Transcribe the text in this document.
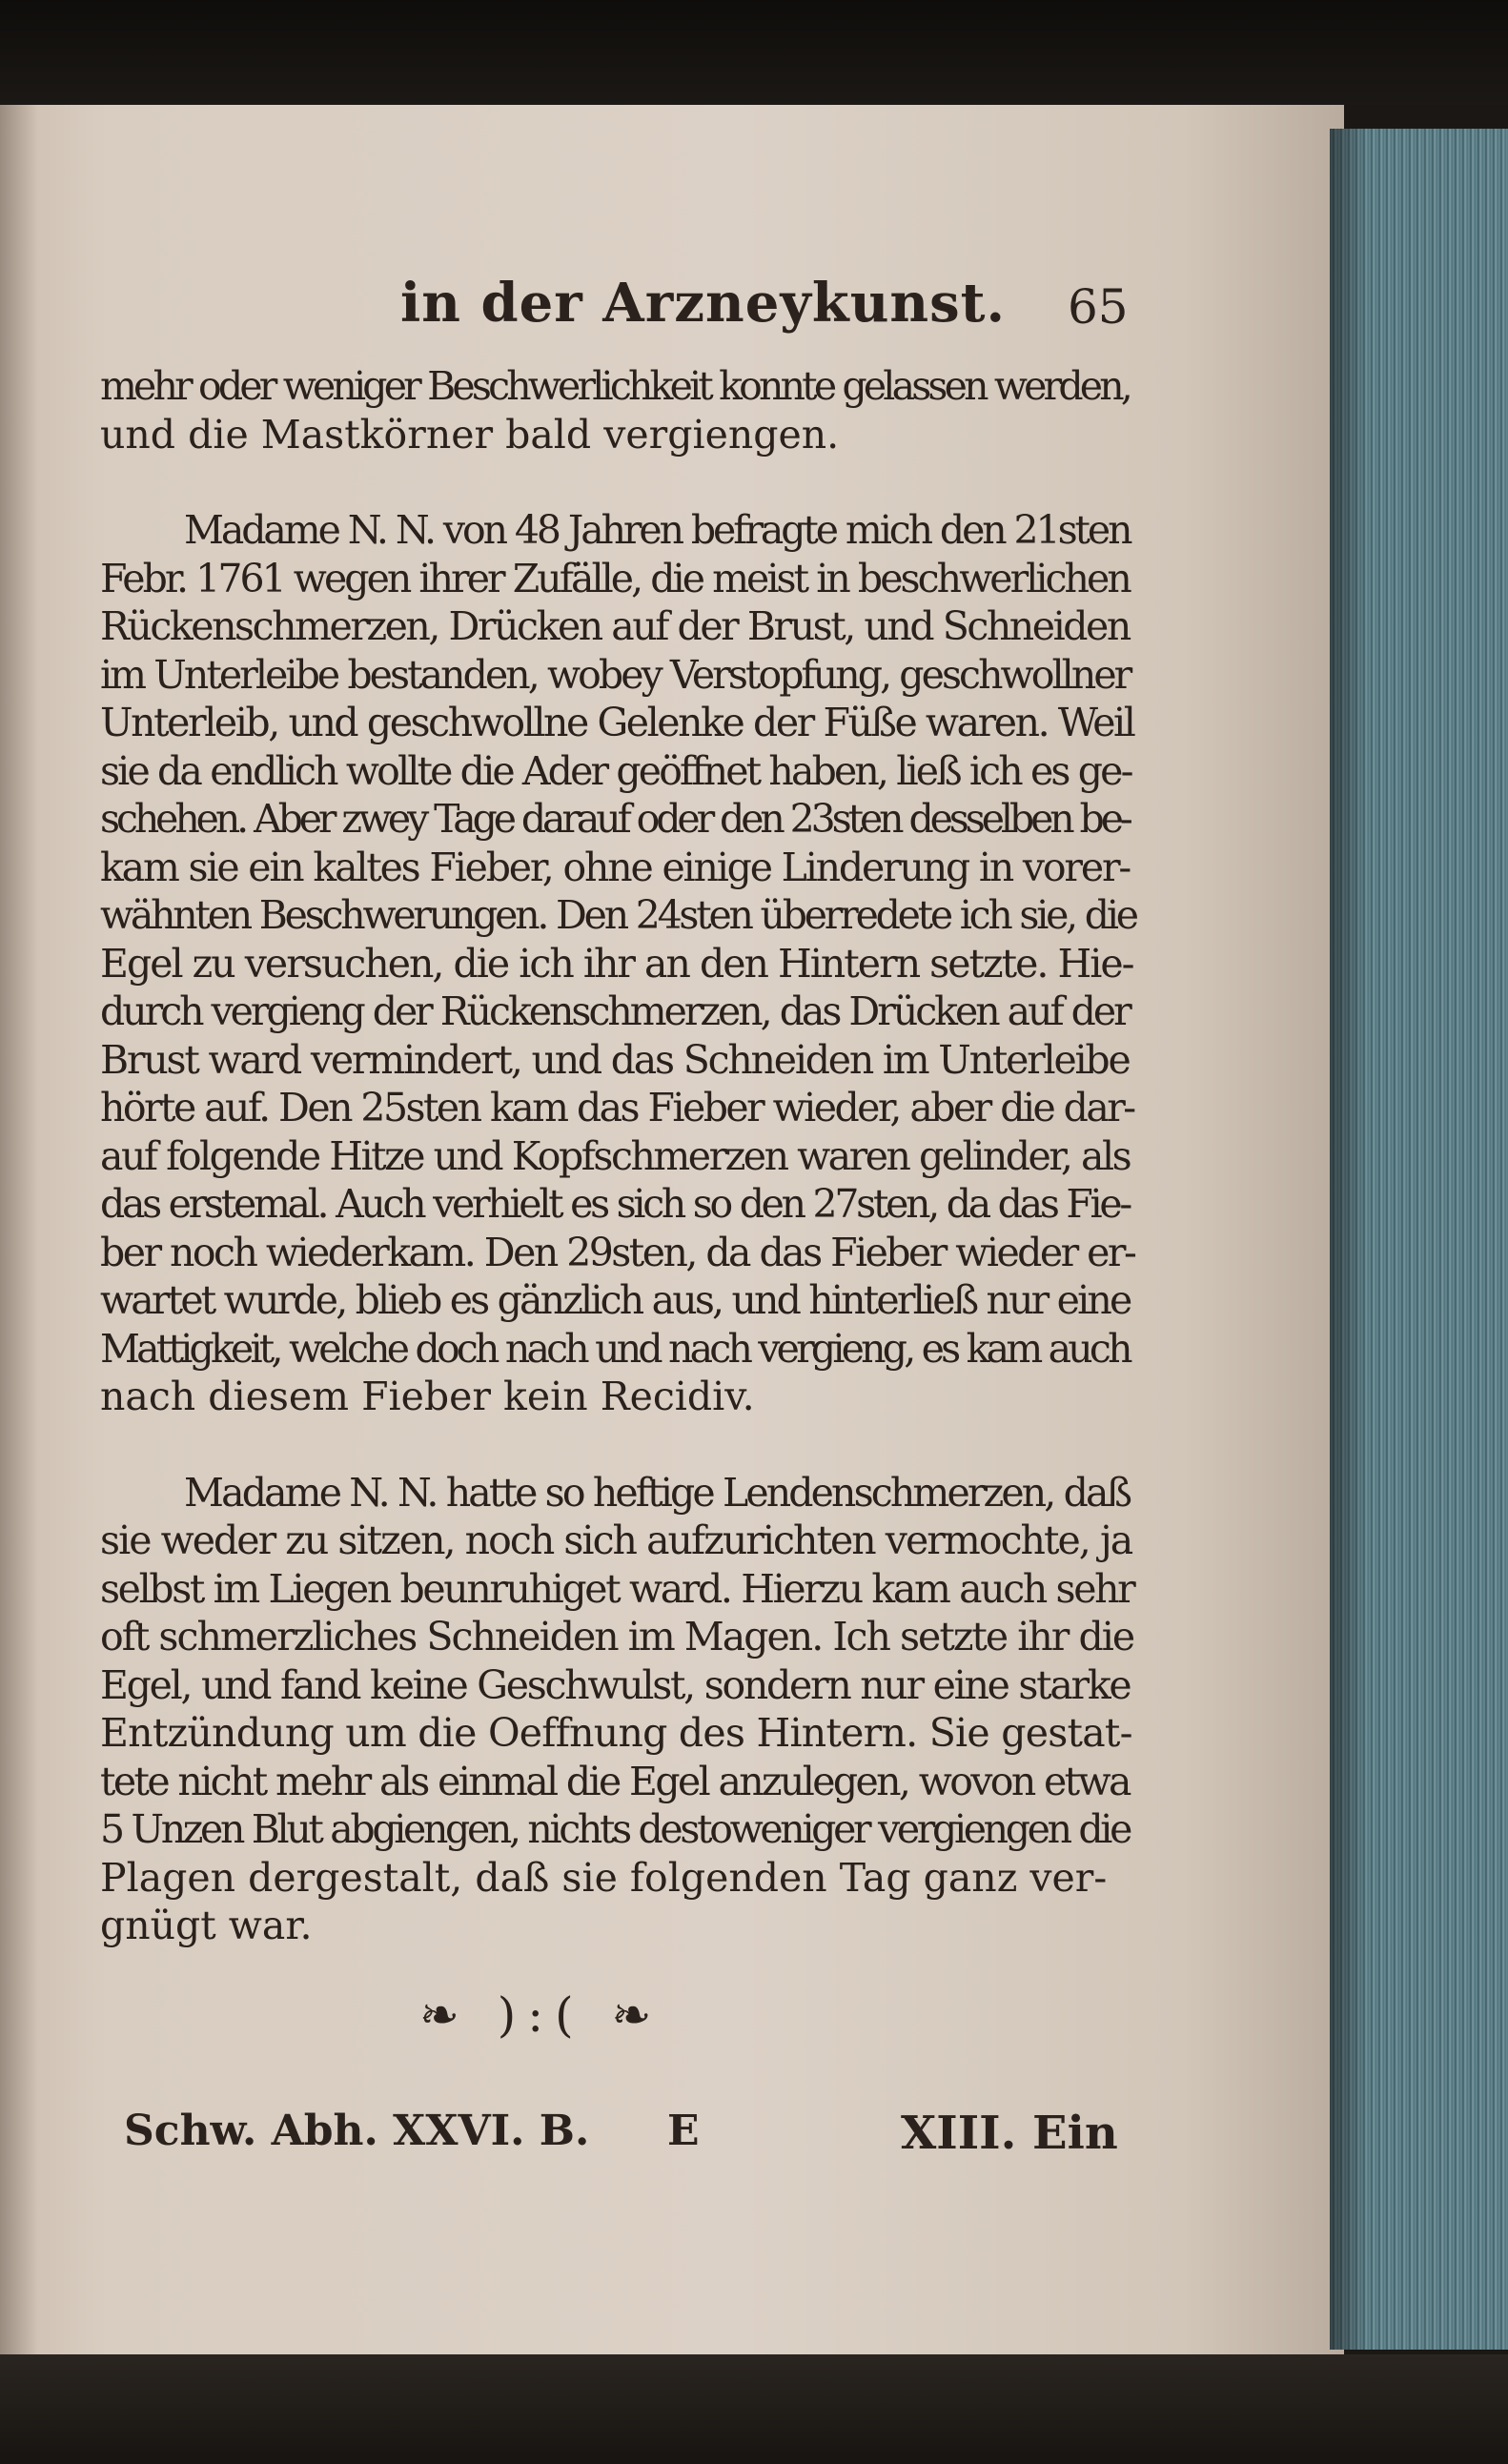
in der Arzneykunst. 65
mehr oder weniger Beschwerlichkeit konnte gelassen werden,
und die Mastkörner bald vergiengen.
Madame N. N. von 48 Jahren befragte mich den 21sten
Febr. 1761 wegen ihrer Zufälle, die meist in beschwerlichen
Rückenschmerzen, Drücken auf der Brust, und Schneiden
im Unterleibe bestanden, wobey Verstopfung, geschwollner
Unterleib, und geschwollne Gelenke der Füße waren. Weil
sie da endlich wollte die Ader geöffnet haben, ließ ich es ge-
schehen. Aber zwey Tage darauf oder den 23sten desselben be-
kam sie ein kaltes Fieber, ohne einige Linderung in vorer-
wähnten Beschwerungen. Den 24sten überredete ich sie, die
Egel zu versuchen, die ich ihr an den Hintern setzte. Hie-
durch vergieng der Rückenschmerzen, das Drücken auf der
Brust ward vermindert, und das Schneiden im Unterleibe
hörte auf. Den 25sten kam das Fieber wieder, aber die dar-
auf folgende Hitze und Kopfschmerzen waren gelinder, als
das erstemal. Auch verhielt es sich so den 27sten, da das Fie-
ber noch wiederkam. Den 29sten, da das Fieber wieder er-
wartet wurde, blieb es gänzlich aus, und hinterließ nur eine
Mattigkeit, welche doch nach und nach vergieng, es kam auch
nach diesem Fieber kein Recidiv.
Madame N. N. hatte so heftige Lendenschmerzen, daß
sie weder zu sitzen, noch sich aufzurichten vermochte, ja
selbst im Liegen beunruhiget ward. Hierzu kam auch sehr
oft schmerzliches Schneiden im Magen. Ich setzte ihr die
Egel, und fand keine Geschwulst, sondern nur eine starke
Entzündung um die Oeffnung des Hintern. Sie gestat-
tete nicht mehr als einmal die Egel anzulegen, wovon etwa
5 Unzen Blut abgiengen, nichts destoweniger vergiengen die
Plagen dergestalt, daß sie folgenden Tag ganz ver-
gnügt war.
❧ ):( ❧
Schw. Abh. XXVI. B. E	XIII. Ein
